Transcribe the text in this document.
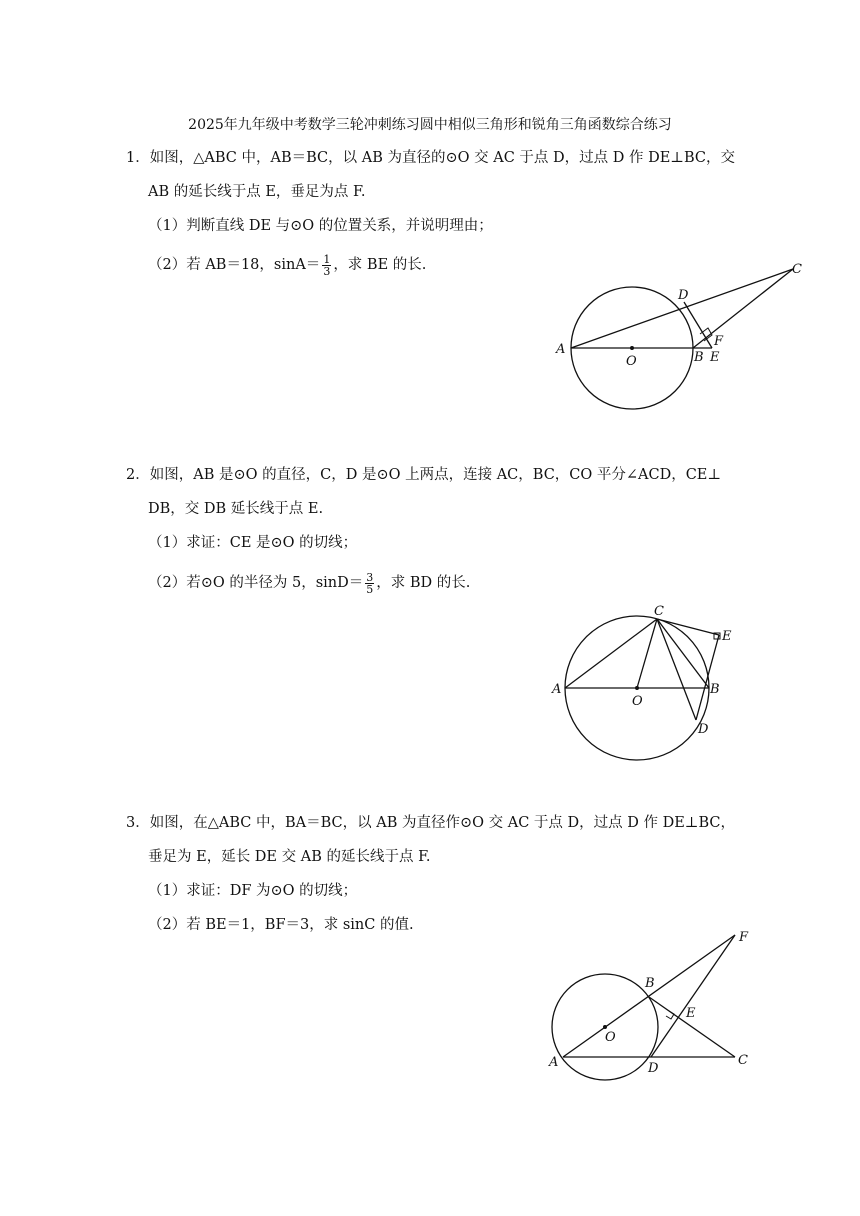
2025年九年级中考数学三轮冲刺练习圆中相似三角形和锐角三角函数综合练习
1．如图，△ABC 中，AB＝BC，以 AB 为直径的⊙O 交 AC 于点 D，过点 D 作 DE⊥BC，交
AB 的延长线于点 E，垂足为点 F.
（1）判断直线 DE 与⊙O 的位置关系，并说明理由；
（2）若 AB＝18，$\sin A= \frac{1}{3}$ ，求 BE 的长.
A
O	B E
F
D
C
2．如图，AB 是⊙O 的直径，C，D 是⊙O 上两点，连接 AC，BC，CO 平分∠ACD，CE⊥
DB，交 DB 延长线于点 E.
（1）求证：CE 是⊙O 的切线；
（2）若⊙O 的半径为 5，$\sin D= \frac{3}{5}$ ，求 BD 的长.
A
O
B
C
D
E
3．如图，在△ABC 中，BA＝BC，以 AB 为直径作⊙O 交 AC 于点 D，过点 D 作 DE⊥BC，
垂足为 E，延长 DE 交 AB 的延长线于点 F.
（1）求证：DF 为⊙O 的切线；
（2）若 BE＝1，BF＝3，求 sinC 的值.
A
O
B
D
E
C
F
